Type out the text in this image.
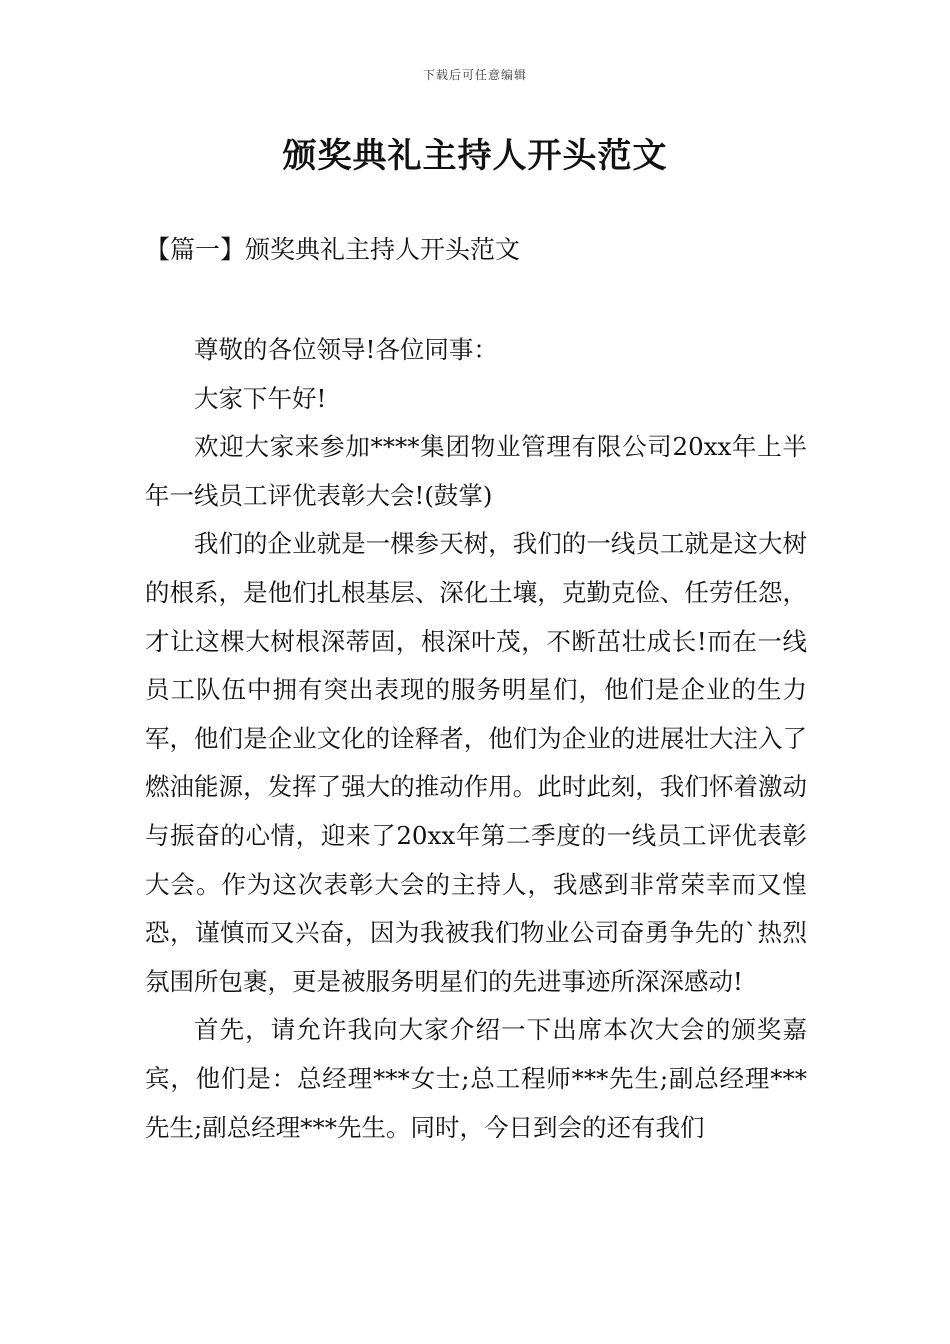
下载后可任意编辑
颁奖典礼主持人开头范文
【篇一】颁奖典礼主持人开头范文

尊敬的各位领导!各位同事：

大家下午好!

欢迎大家来参加****集团物业管理有限公司20xx年上半年一线员工评优表彰大会!(鼓掌)

我们的企业就是一棵参天树，我们的一线员工就是这大树的根系，是他们扎根基层、深化土壤，克勤克俭、任劳任怨，才让这棵大树根深蒂固，根深叶茂，不断茁壮成长!而在一线员工队伍中拥有突出表现的服务明星们，他们是企业的生力军，他们是企业文化的诠释者，他们为企业的进展壮大注入了燃油能源，发挥了强大的推动作用。此时此刻，我们怀着激动与振奋的心情，迎来了20xx年第二季度的一线员工评优表彰大会。作为这次表彰大会的主持人，我感到非常荣幸而又惶恐，谨慎而又兴奋，因为我被我们物业公司奋勇争先的`热烈氛围所包裹，更是被服务明星们的先进事迹所深深感动!

首先，请允许我向大家介绍一下出席本次大会的颁奖嘉宾，他们是：总经理***女士;总工程师***先生;副总经理***先生;副总经理***先生。同时，今日到会的还有我们
